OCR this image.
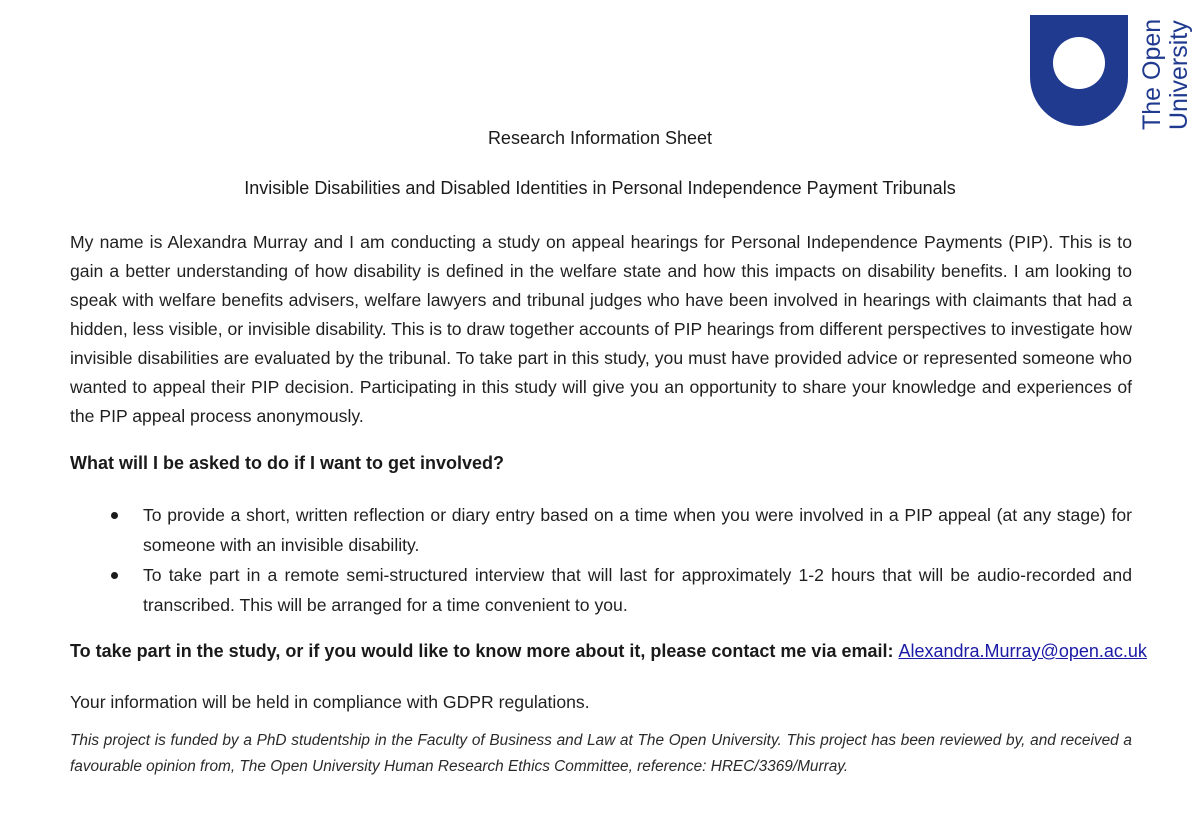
The Open University
Research Information Sheet
Invisible Disabilities and Disabled Identities in Personal Independence Payment Tribunals

My name is Alexandra Murray and I am conducting a study on appeal hearings for Personal Independence Payments (PIP). This is to gain a better understanding of how disability is defined in the welfare state and how this impacts on disability benefits. I am looking to speak with welfare benefits advisers, welfare lawyers and tribunal judges who have been involved in hearings with claimants that had a hidden, less visible, or invisible disability. This is to draw together accounts of PIP hearings from different perspectives to investigate how invisible disabilities are evaluated by the tribunal. To take part in this study, you must have provided advice or represented someone who wanted to appeal their PIP decision. Participating in this study will give you an opportunity to share your knowledge and experiences of the PIP appeal process anonymously.

What will I be asked to do if I want to get involved?

To provide a short, written reflection or diary entry based on a time when you were involved in a PIP appeal (at any stage) for someone with an invisible disability.
To take part in a remote semi-structured interview that will last for approximately 1-2 hours that will be audio-recorded and transcribed. This will be arranged for a time convenient to you.

To take part in the study, or if you would like to know more about it, please contact me via email: Alexandra.Murray@open.ac.uk

Your information will be held in compliance with GDPR regulations.

This project is funded by a PhD studentship in the Faculty of Business and Law at The Open University. This project has been reviewed by, and received a favourable opinion from, The Open University Human Research Ethics Committee, reference: HREC/3369/Murray.
